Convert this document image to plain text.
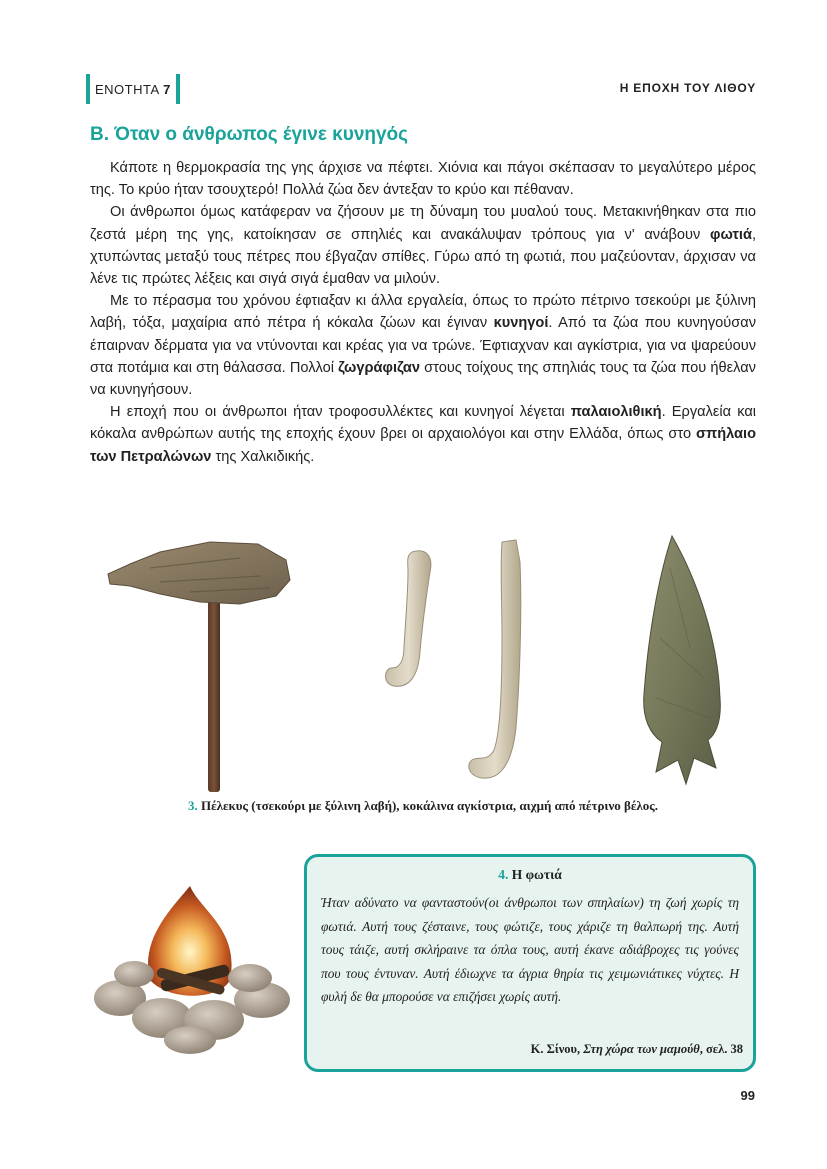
ΕΝΟΤΗΤΑ 7	Η ΕΠΟΧΗ ΤΟΥ ΛΙΘΟΥ
Β. Όταν ο άνθρωπος έγινε κυνηγός

Κάποτε η θερμοκρασία της γης άρχισε να πέφτει. Χιόνια και πάγοι σκέπασαν το μεγαλύτερο μέρος της. Το κρύο ήταν τσουχτερό! Πολλά ζώα δεν άντεξαν το κρύο και πέθαναν.

Οι άνθρωποι όμως κατάφεραν να ζήσουν με τη δύναμη του μυαλού τους. Μετακινήθηκαν στα πιο ζεστά μέρη της γης, κατοίκησαν σε σπηλιές και ανακάλυψαν τρόπους για ν' ανάβουν φωτιά, χτυπώντας μεταξύ τους πέτρες που έβγαζαν σπίθες. Γύρω από τη φωτιά, που μαζεύονταν, άρχισαν να λένε τις πρώτες λέξεις και σιγά σιγά έμαθαν να μιλούν.

Με το πέρασμα του χρόνου έφτιαξαν κι άλλα εργαλεία, όπως το πρώτο πέτρινο τσεκούρι με ξύλινη λαβή, τόξα, μαχαίρια από πέτρα ή κόκαλα ζώων και έγιναν κυνηγοί. Από τα ζώα που κυνηγούσαν έπαιρναν δέρματα για να ντύνονται και κρέας για να τρώνε. Έφτιαχναν και αγκίστρια, για να ψαρεύουν στα ποτάμια και στη θάλασσα. Πολλοί ζωγράφιζαν στους τοίχους της σπηλιάς τους τα ζώα που ήθελαν να κυνηγήσουν.

Η εποχή που οι άνθρωποι ήταν τροφοσυλλέκτες και κυνηγοί λέγεται παλαιολιθική. Εργαλεία και κόκαλα ανθρώπων αυτής της εποχής έχουν βρει οι αρχαιολόγοι και στην Ελλάδα, όπως στο σπήλαιο των Πετραλώνων της Χαλκιδικής.

3. Πέλεκυς (τσεκούρι με ξύλινη λαβή), κοκάλινα αγκίστρια, αιχμή από πέτρινο βέλος.
4. Η φωτιά
Ήταν αδύνατο να φανταστούν(οι άνθρωποι των σπηλαίων) τη ζωή χωρίς τη φωτιά. Αυτή τους ζέσταινε, τους φώτιζε, τους χάριζε τη θαλπωρή της. Αυτή τους τάιζε, αυτή σκλήραινε τα όπλα τους, αυτή έκανε αδιάβροχες τις γούνες που τους έντυναν. Αυτή έδιωχνε τα άγρια θηρία τις χειμωνιάτικες νύχτες. Η φυλή δε θα μπορούσε να επιζήσει χωρίς αυτή.
Κ. Σίνου, Στη χώρα των μαμούθ, σελ. 38
99
